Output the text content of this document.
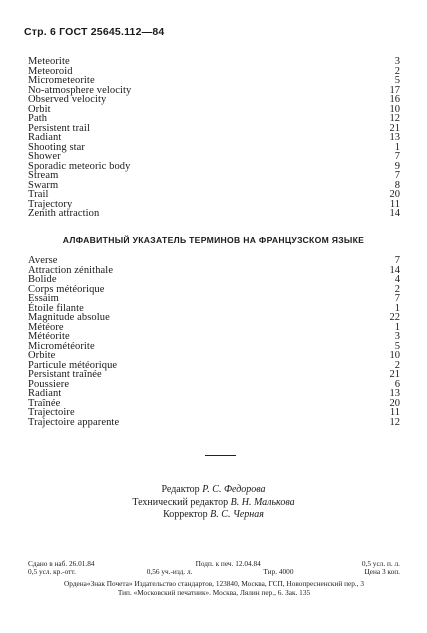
Стр. 6 ГОСТ 25645.112—84
Meteorite	3
Meteoroid	2
Micrometeorite	5
No-atmosphere velocity	17
Observed velocity	16
Orbit	10
Path	12
Persistent trail	21
Radiant	13
Shooting star	1
Shower	7
Sporadic meteoric body	9
Stream	7
Swarm	8
Trail	20
Trajectory	11
Zenith attraction	14
АЛФАВИТНЫЙ УКАЗАТЕЛЬ ТЕРМИНОВ НА ФРАНЦУЗСКОМ ЯЗЫКЕ
Averse	7
Attraction zénithale	14
Bolide	4
Corps météorique	2
Essaim	7
Étoile filante	1
Magnitude absolue	22
Météore	1
Météorite	3
Micrométéorite	5
Orbite	10
Particule météorique	2
Persistant traînée	21
Poussiere	6
Radiant	13
Traînée	20
Trajectoire	11
Trajectoire apparente	12
Редактор Р. С. Федорова
Технический редактор В. Н. Малькова
Корректор В. С. Черная
Сдано в наб. 26.01.84	Подп. к печ. 12.04.84	0,5 усл. п. л.
0,5 усл. кр.-отт.	0,56 уч.-изд. л.	Тир. 4000	Цена 3 коп.
Ордена«Знак Почета» Издательство стандартов, 123840, Москва, ГСП, Новопресненский пер., 3
Тип. «Московский печатник». Москва, Лялин пер., 6. Зак. 135
